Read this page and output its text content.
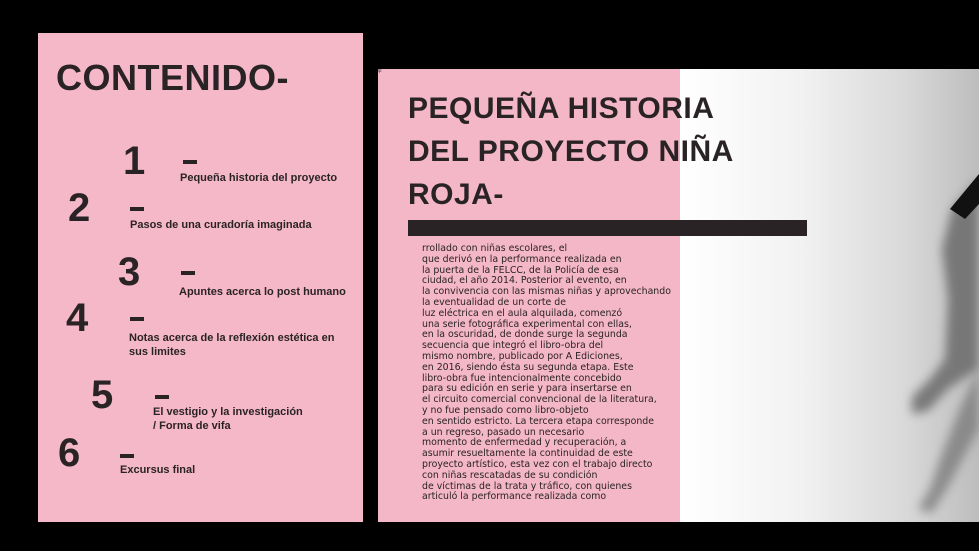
CONTENIDO-
1	Pequeña historia del proyecto
2	Pasos de una curadoría imaginada
3	Apuntes acerca lo post humano
4	Notas acerca de la reflexión estética en
sus limites
5	El vestigio y la investigación
/ Forma de vifa
6	Excursus final
ᵠ
PEQUEÑA HISTORIA
DEL PROYECTO NIÑA
ROJA-
rrollado con niñas escolares, el
que derivó en la performance realizada en
la puerta de la FELCC, de la Policía de esa
ciudad, el año 2014. Posterior al evento, en
la convivencia con las mismas niñas y aprovechando
la eventualidad de un corte de
luz eléctrica en el aula alquilada, comenzó
una serie fotográfica experimental con ellas,
en la oscuridad, de donde surge la segunda
secuencia que integró el libro-obra del
mismo nombre, publicado por A Ediciones,
en 2016, siendo ésta su segunda etapa. Este
libro-obra fue intencionalmente concebido
para su edición en serie y para insertarse en
el circuito comercial convencional de la literatura,
y no fue pensado como libro-objeto
en sentido estricto. La tercera etapa corresponde
a un regreso, pasado un necesario
momento de enfermedad y recuperación, a
asumir resueltamente la continuidad de este
proyecto artístico, esta vez con el trabajo directo
con niñas rescatadas de su condición
de víctimas de la trata y tráfico, con quienes
articuló la performance realizada como
